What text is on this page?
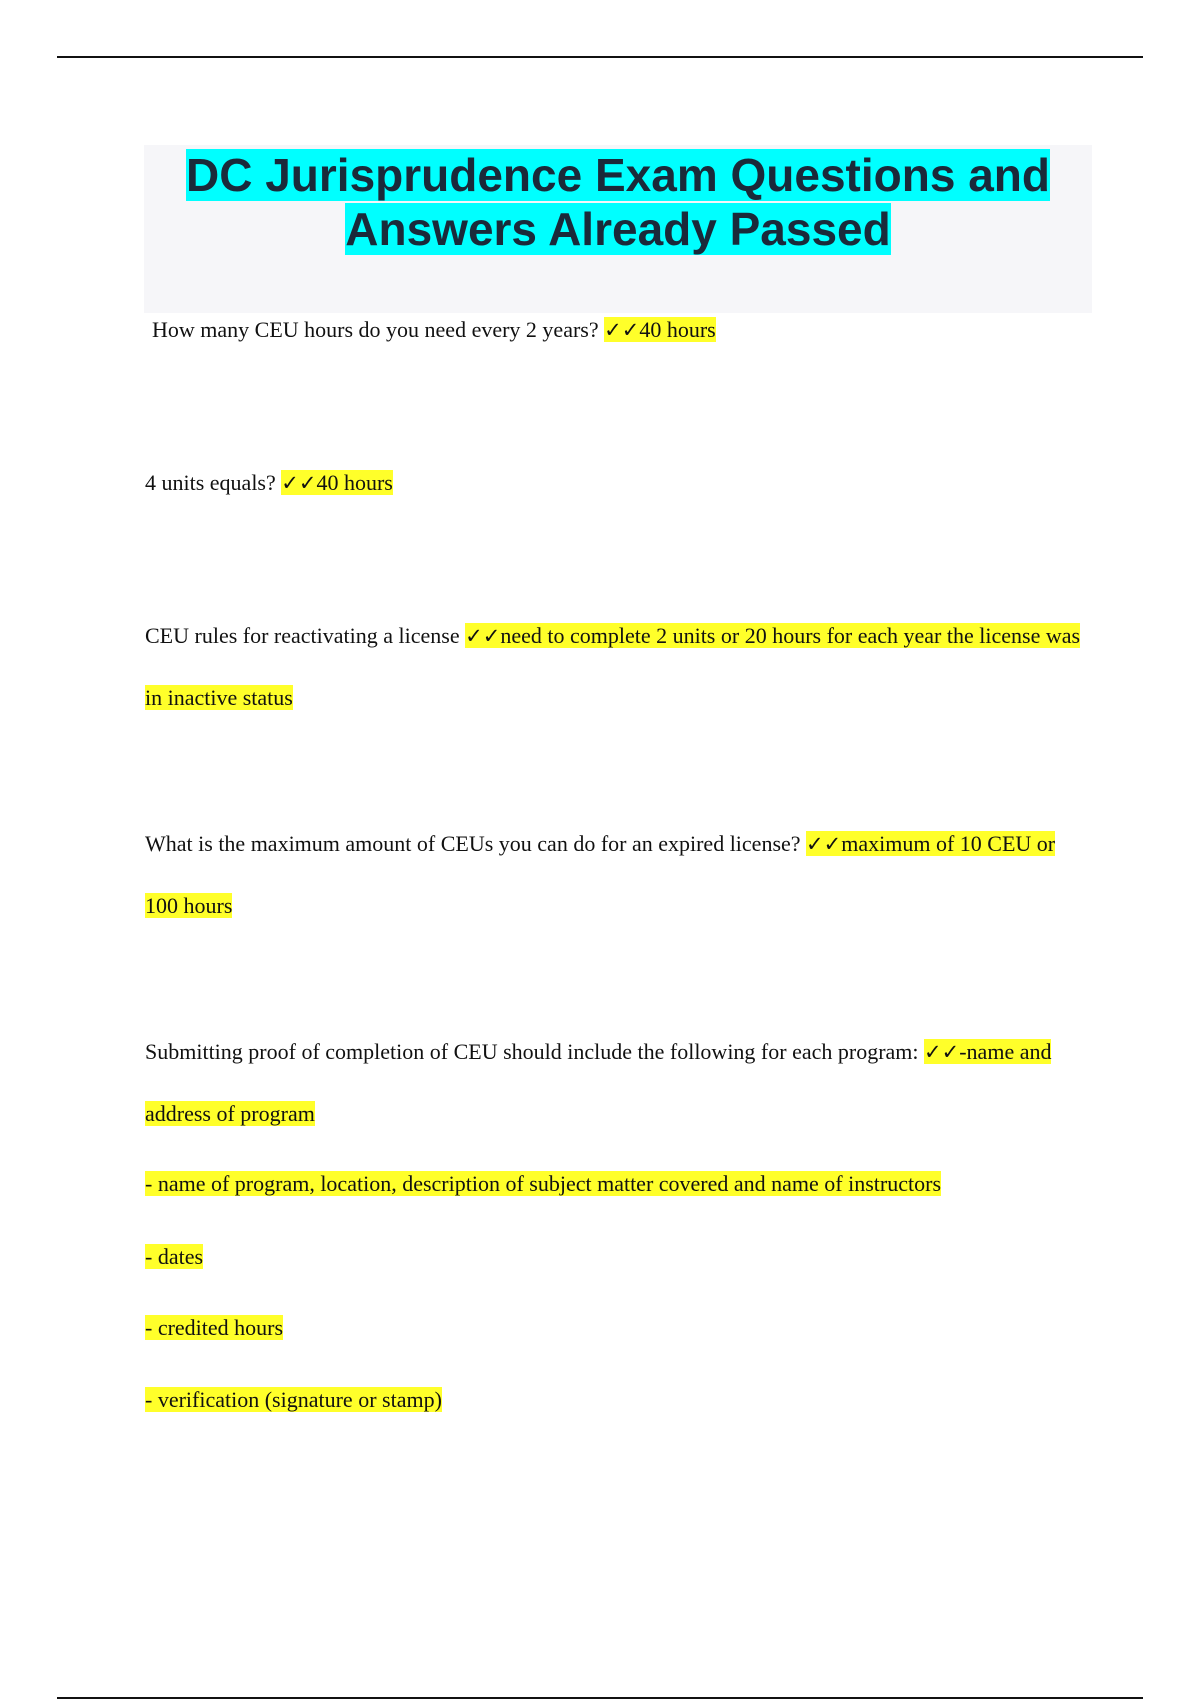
DC Jurisprudence Exam Questions and
Answers Already Passed
How many CEU hours do you need every 2 years? ✓✓40 hours
4 units equals? ✓✓40 hours
CEU rules for reactivating a license ✓✓need to complete 2 units or 20 hours for each year the license was in inactive status
What is the maximum amount of CEUs you can do for an expired license? ✓✓maximum of 10 CEU or 100 hours
Submitting proof of completion of CEU should include the following for each program: ✓✓-name and address of program
- name of program, location, description of subject matter covered and name of instructors
- dates
- credited hours
- verification (signature or stamp)
